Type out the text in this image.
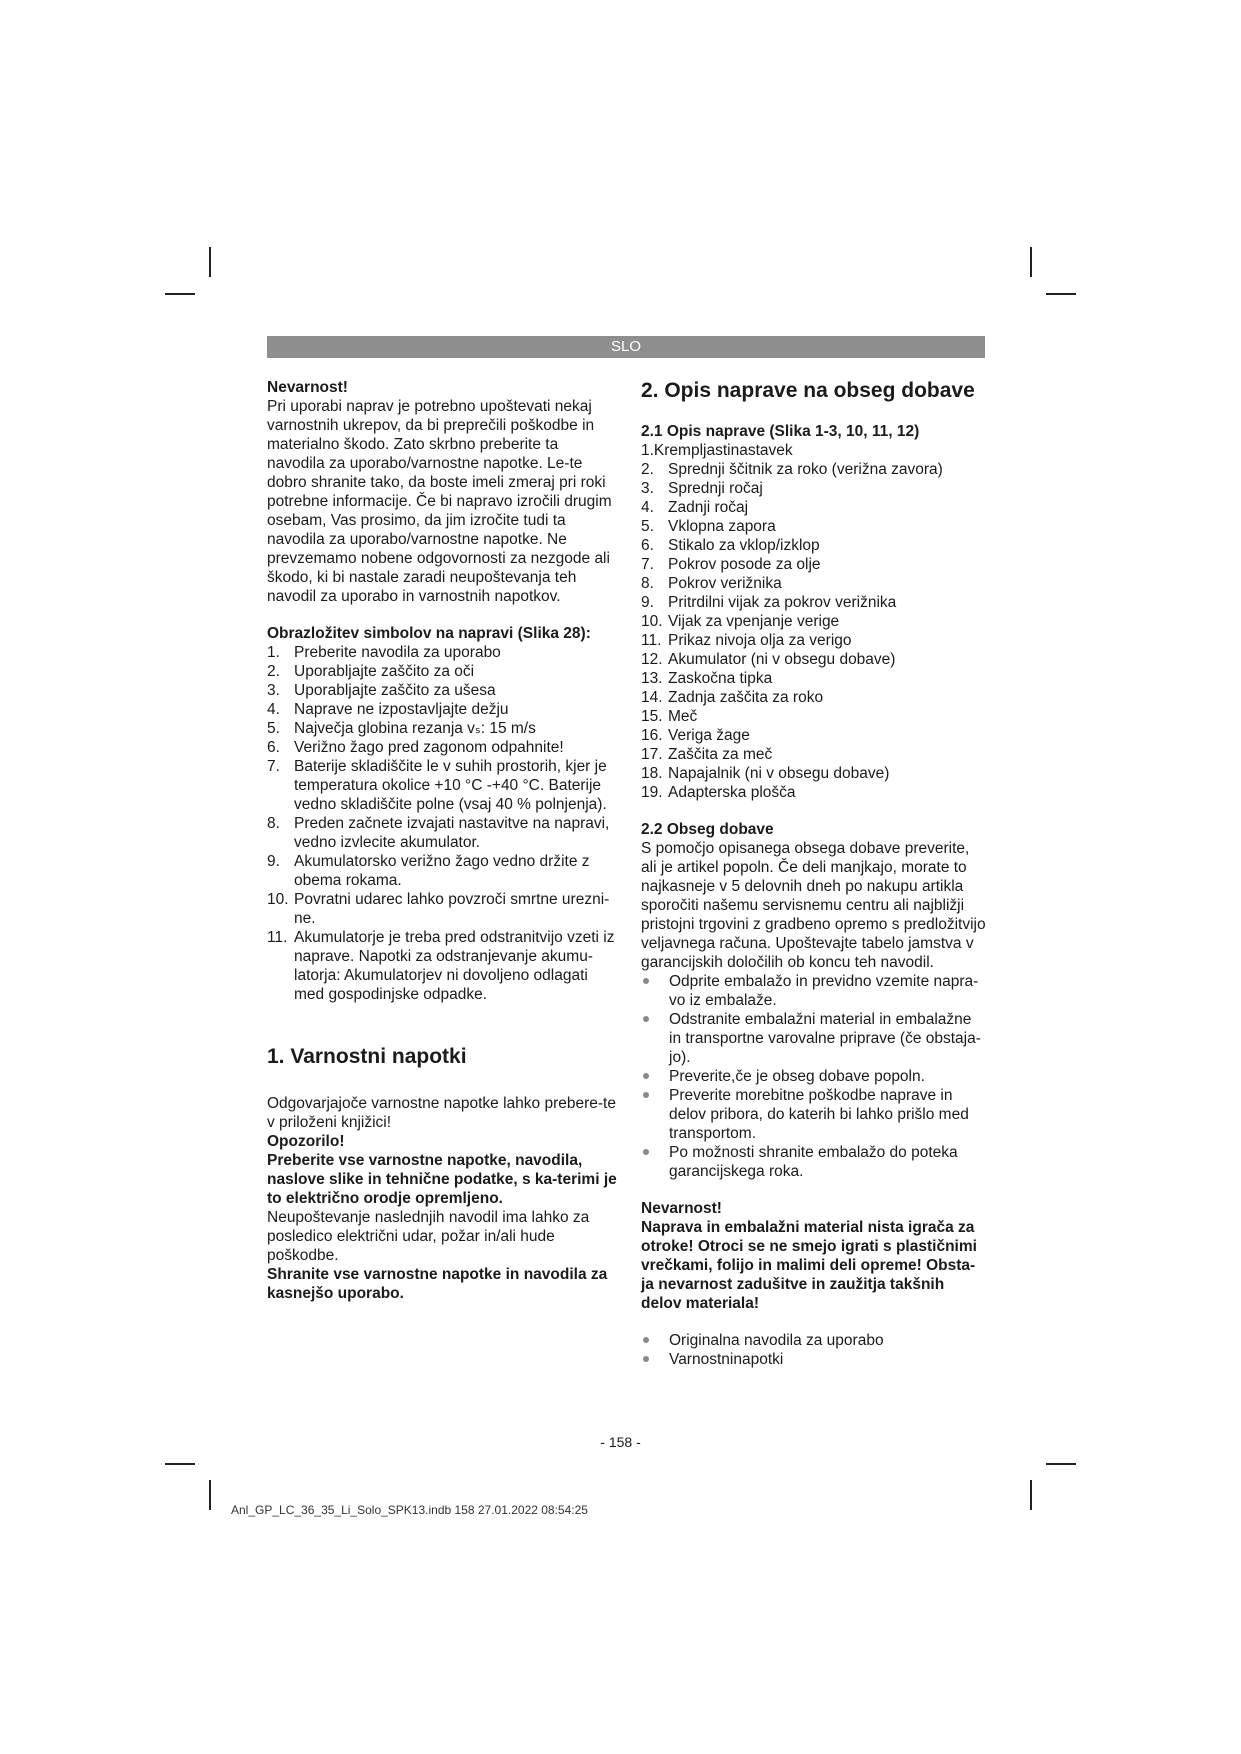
SLO

Nevarnost!

Pri uporabi naprav je potrebno upoštevati nekaj varnostnih ukrepov, da bi preprečili poškodbe in materialno škodo. Zato skrbno preberite ta navodila za uporabo/varnostne napotke. Le-te dobro shranite tako, da boste imeli zmeraj pri roki potrebne informacije. Če bi napravo izročili drugim osebam, Vas prosimo, da jim izročite tudi ta navodila za uporabo/varnostne napotke. Ne prevzemamo nobene odgovornosti za nezgode ali škodo, ki bi nastale zaradi neupoštevanja teh navodil za uporabo in varnostnih napotkov.

Obrazložitev simbolov na napravi (Slika 28):

1. Preberite navodila za uporabo
2. Uporabljajte zaščito za oči
3. Uporabljajte zaščito za ušesa
4. Naprave ne izpostavljajte dežju
5. Največja globina rezanja vₛ: 15 m/s
6. Verižno žago pred zagonom odpahnite!
7. Baterije skladiščite le v suhih prostorih, kjer je temperatura okolice +10 °C -+40 °C. Baterije vedno skladiščite polne (vsaj 40 % polnjenja).
8. Preden začnete izvajati nastavitve na napravi, vedno izvlecite akumulator.
9. Akumulatorsko verižno žago vedno držite z obema rokama.
10. Povratni udarec lahko povzroči smrtne urezni-ne.
11. Akumulatorje je treba pred odstranitvijo vzeti iz naprave. Napotki za odstranjevanje akumu-latorja: Akumulatorjev ni dovoljeno odlagati med gospodinjske odpadke.

1. Varnostni napotki

Odgovarjajoče varnostne napotke lahko prebere-te v priloženi knjižici!

Opozorilo!

Preberite vse varnostne napotke, navodila, naslove slike in tehnične podatke, s ka-terimi je to električno orodje opremljeno.

Neupoštevanje naslednjih navodil ima lahko za posledico električni udar, požar in/ali hude poškodbe.

Shranite vse varnostne napotke in navodila za kasnejšo uporabo.

2. Opis naprave na obseg dobave

2.1 Opis naprave (Slika 1-3, 10, 11, 12)

1.Krempljastinastavek
2. Sprednji ščitnik za roko (verižna zavora)
3. Sprednji ročaj
4. Zadnji ročaj
5. Vklopna zapora
6. Stikalo za vklop/izklop
7. Pokrov posode za olje
8. Pokrov verižnika
9. Pritrdilni vijak za pokrov verižnika
10. Vijak za vpenjanje verige
11. Prikaz nivoja olja za verigo
12. Akumulator (ni v obsegu dobave)
13. Zaskočna tipka
14. Zadnja zaščita za roko
15. Meč
16. Veriga žage
17. Zaščita za meč
18. Napajalnik (ni v obsegu dobave)
19. Adapterska plošča

2.2 Obseg dobave

S pomočjo opisanega obsega dobave preverite, ali je artikel popoln. Če deli manjkajo, morate to najkasneje v 5 delovnih dneh po nakupu artikla sporočiti našemu servisnemu centru ali najbližji pristojni trgovini z gradbeno opremo s predložitvijo veljavnega računa. Upoštevajte tabelo jamstva v garancijskih določilih ob koncu teh navodil.

Odprite embalažo in previdno vzemite napra-vo iz embalaže.
Odstranite embalažni material in embalažne in transportne varovalne pripravе (če obstaja-jo).
Preverite,če je obseg dobave popoln.
Preverite morebitne poškodbe naprave in delov pribora, do katerih bi lahko prišlo med transportom.
Po možnosti shranite embalažo do poteka garancijskega roka.

Nevarnost!

Naprava in embalažni material nista igrača za otroke! Otroci se ne smejo igrati s plastičnimi vrečkami, folijo in malimi deli opreme! Obsta-ja nevarnost zadušitve in zaužitja takšnih delov materiala!

Originalna navodila za uporabo
Varnostninapotki
- 158 -
Anl_GP_LC_36_35_Li_Solo_SPK13.indb 158 27.01.2022 08:54:25
